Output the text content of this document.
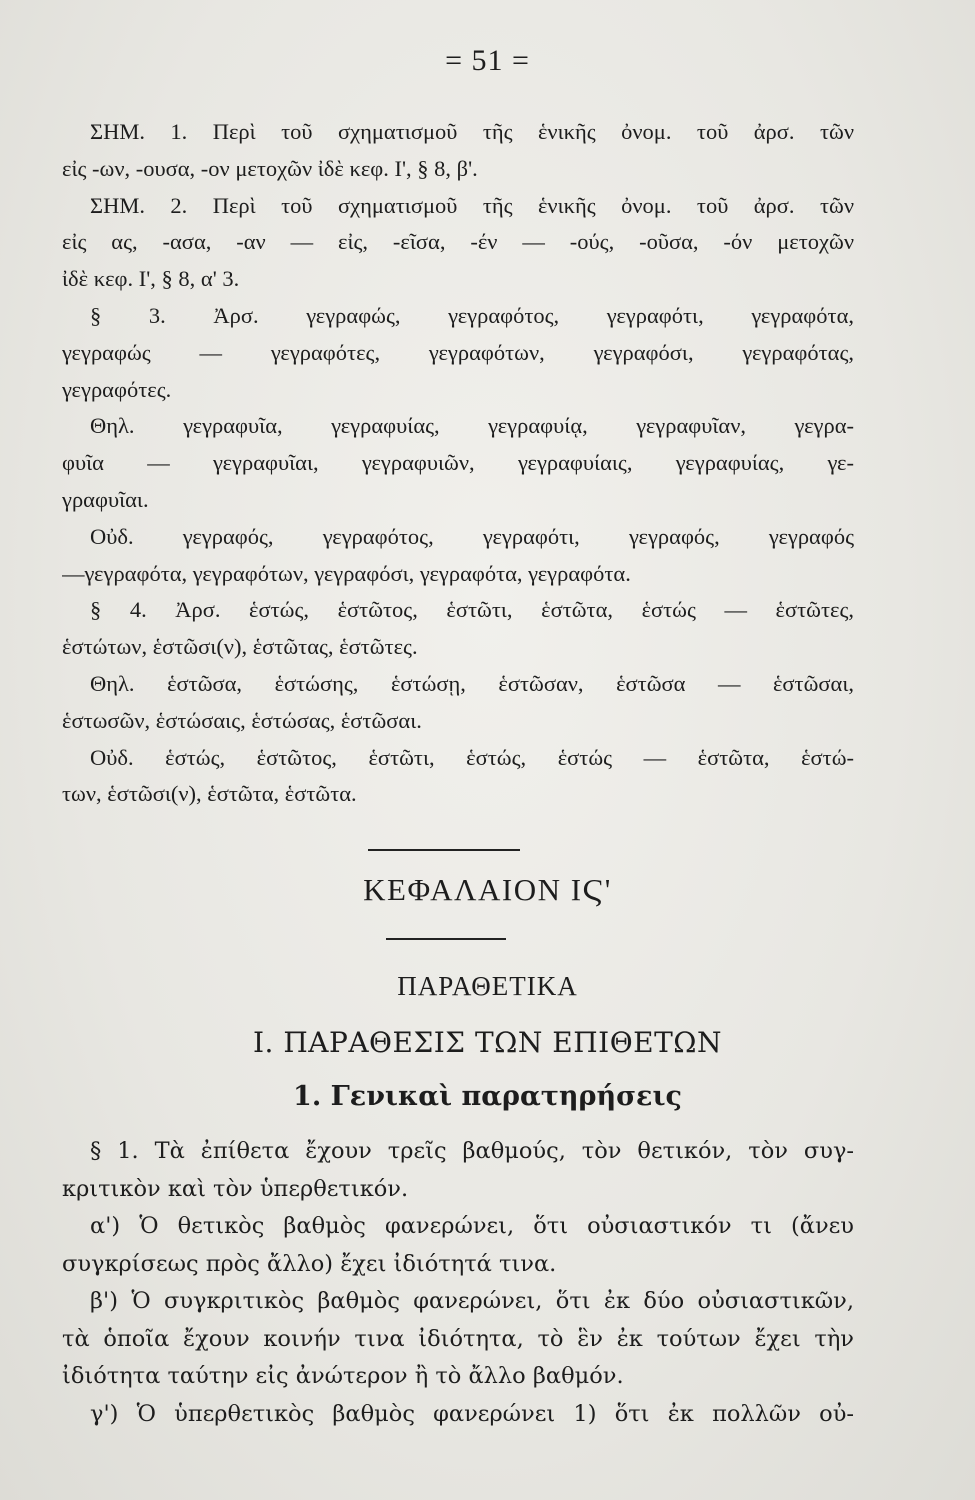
= 51 =
ΣΗΜ. 1. Περὶ τοῦ σχηματισμοῦ τῆς ἑνικῆς ὀνομ. τοῦ ἀρσ. τῶν
εἰς -ων, -ουσα, -ον μετοχῶν ἰδὲ κεφ. Ι', § 8, β'.
ΣΗΜ. 2. Περὶ τοῦ σχηματισμοῦ τῆς ἑνικῆς ὀνομ. τοῦ ἀρσ. τῶν
εἰς ας, -ασα, -αν — εἰς, -εῖσα, -έν — -ούς, -οῦσα, -όν μετοχῶν
ἰδὲ κεφ. Ι', § 8, α' 3.
§ 3. Ἀρσ. γεγραφώς, γεγραφότος, γεγραφότι, γεγραφότα,
γεγραφώς — γεγραφότες, γεγραφότων, γεγραφόσι, γεγραφότας,
γεγραφότες.
Θηλ. γεγραφυῖα, γεγραφυίας, γεγραφυίᾳ, γεγραφυῖαν, γεγρα-
φυῖα — γεγραφυῖαι, γεγραφυιῶν, γεγραφυίαις, γεγραφυίας, γε-
γραφυῖαι.
Οὐδ. γεγραφός, γεγραφότος, γεγραφότι, γεγραφός, γεγραφός
—γεγραφότα, γεγραφότων, γεγραφόσι, γεγραφότα, γεγραφότα.
§ 4. Ἀρσ. ἑστώς, ἑστῶτος, ἑστῶτι, ἑστῶτα, ἑστώς — ἑστῶτες,
ἑστώτων, ἑστῶσι(ν), ἑστῶτας, ἑστῶτες.
Θηλ. ἑστῶσα, ἑστώσης, ἑστώσῃ, ἑστῶσαν, ἑστῶσα — ἑστῶσαι,
ἑστωσῶν, ἑστώσαις, ἑστώσας, ἑστῶσαι.
Οὐδ. ἑστώς, ἑστῶτος, ἑστῶτι, ἑστώς, ἑστώς — ἑστῶτα, ἑστώ-
των, ἑστῶσι(ν), ἑστῶτα, ἑστῶτα.
ΚΕΦΑΛΑΙΟΝ ΙϚ'
ΠΑΡΑΘΕΤΙΚΑ
Ι. ΠΑΡΑΘΕΣΙΣ ΤΩΝ ΕΠΙΘΕΤΩΝ
1. Γενικαὶ παρατηρήσεις
§ 1. Τὰ ἐπίθετα ἔχουν τρεῖς βαθμούς, τὸν θετικόν, τὸν συγ-
κριτικὸν καὶ τὸν ὑπερθετικόν.
α') Ὁ θετικὸς βαθμὸς φανερώνει, ὅτι οὐσιαστικόν τι (ἄνευ
συγκρίσεως πρὸς ἄλλο) ἔχει ἰδιότητά τινα.
β') Ὁ συγκριτικὸς βαθμὸς φανερώνει, ὅτι ἐκ δύο οὐσιαστικῶν,
τὰ ὁποῖα ἔχουν κοινήν τινα ἰδιότητα, τὸ ἓν ἐκ τούτων ἔχει τὴν
ἰδιότητα ταύτην εἰς ἀνώτερον ἢ τὸ ἄλλο βαθμόν.
γ') Ὁ ὑπερθετικὸς βαθμὸς φανερώνει 1) ὅτι ἐκ πολλῶν οὐ-
